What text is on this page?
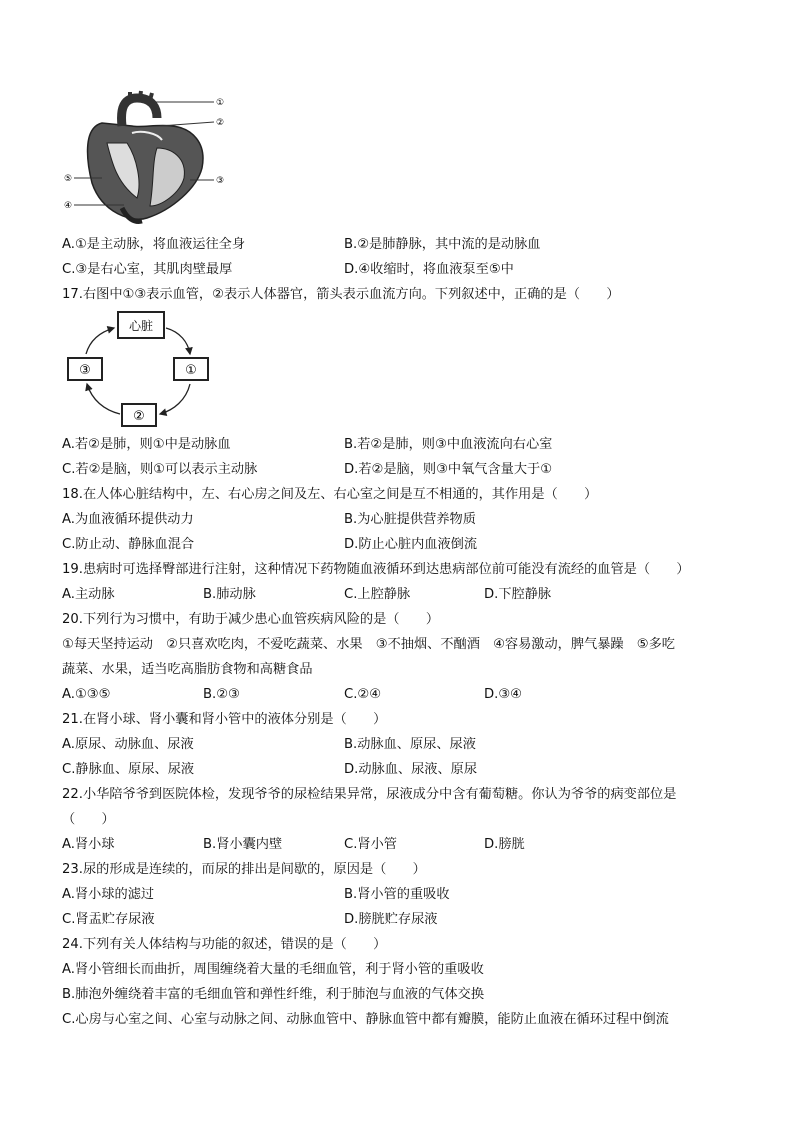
①
②
③
④
⑤
A.①是主动脉，将血液运往全身	B.②是肺静脉，其中流的是动脉血
C.③是右心室，其肌肉壁最厚	D.④收缩时，将血液泵至⑤中
17.右图中①③表示血管，②表示人体器官，箭头表示血流方向。下列叙述中，正确的是（　　）
心脏
①
②
③
A.若②是肺，则①中是动脉血	B.若②是肺，则③中血液流向右心室
C.若②是脑，则①可以表示主动脉	D.若②是脑，则③中氧气含量大于①
18.在人体心脏结构中，左、右心房之间及左、右心室之间是互不相通的，其作用是（　　）
A.为血液循环提供动力	B.为心脏提供营养物质
C.防止动、静脉血混合	D.防止心脏内血液倒流
19.患病时可选择臀部进行注射，这种情况下药物随血液循环到达患病部位前可能没有流经的血管是（　　）
A.主动脉	B.肺动脉	C.上腔静脉	D.下腔静脉
20.下列行为习惯中，有助于减少患心血管疾病风险的是（　　）
①每天坚持运动　②只喜欢吃肉，不爱吃蔬菜、水果　③不抽烟、不酗酒　④容易激动，脾气暴躁　⑤多吃
蔬菜、水果，适当吃高脂肪食物和高糖食品
A.①③⑤	B.②③	C.②④	D.③④
21.在肾小球、肾小囊和肾小管中的液体分别是（　　）
A.原尿、动脉血、尿液	B.动脉血、原尿、尿液
C.静脉血、原尿、尿液	D.动脉血、尿液、原尿
22.小华陪爷爷到医院体检，发现爷爷的尿检结果异常，尿液成分中含有葡萄糖。你认为爷爷的病变部位是
（　　）
A.肾小球	B.肾小囊内壁	C.肾小管	D.膀胱
23.尿的形成是连续的，而尿的排出是间歇的，原因是（　　）
A.肾小球的滤过	B.肾小管的重吸收
C.肾盂贮存尿液	D.膀胱贮存尿液
24.下列有关人体结构与功能的叙述，错误的是（　　）
A.肾小管细长而曲折，周围缠绕着大量的毛细血管，利于肾小管的重吸收
B.肺泡外缠绕着丰富的毛细血管和弹性纤维，利于肺泡与血液的气体交换
C.心房与心室之间、心室与动脉之间、动脉血管中、静脉血管中都有瓣膜，能防止血液在循环过程中倒流
